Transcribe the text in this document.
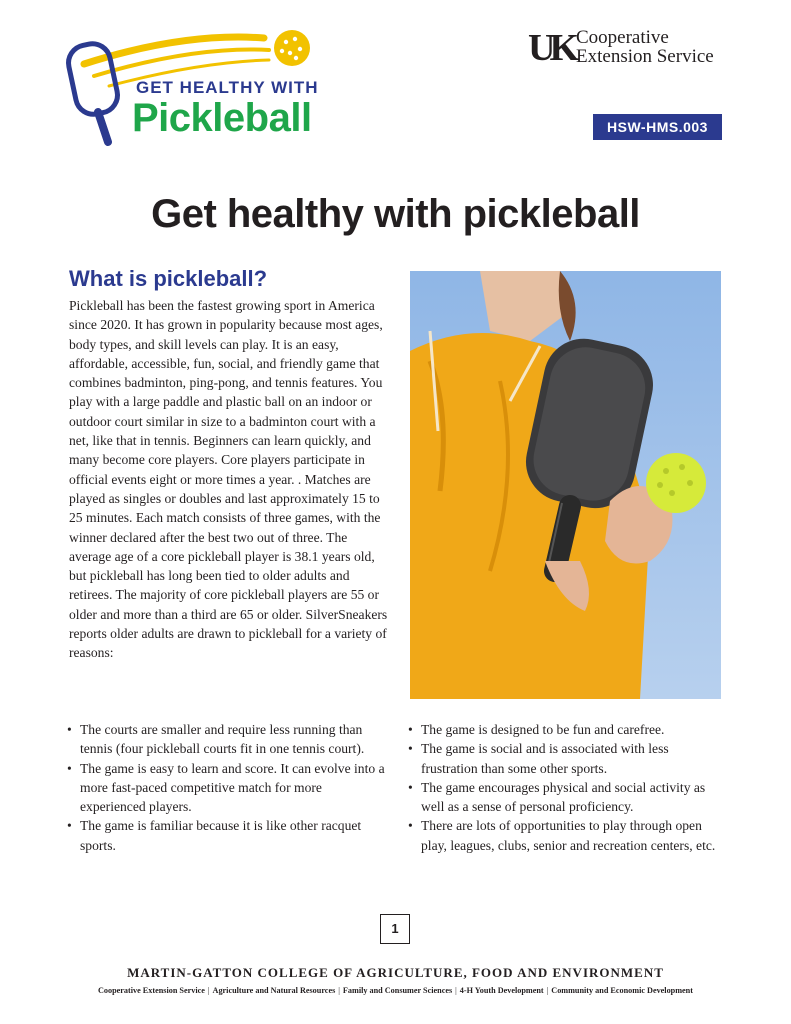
GET HEALTHY WITH
Pickleball
UK Cooperative
Extension Service
HSW-HMS.003
Get healthy with pickleball
What is pickleball?

Pickleball has been the fastest growing sport in America since 2020. It has grown in popularity because most ages, body types, and skill levels can play. It is an easy, affordable, accessible, fun, social, and friendly game that combines badminton, ping-pong, and tennis features. You play with a large paddle and plastic ball on an indoor or outdoor court similar in size to a badminton court with a net, like that in tennis. Beginners can learn quickly, and many become core players. Core players participate in official events eight or more times a year. . Matches are played as singles or doubles and last approximately 15 to 25 minutes. Each match consists of three games, with the winner declared after the best two out of three. The average age of a core pickleball player is 38.1 years old, but pickleball has long been tied to older adults and retirees. The majority of core pickleball players are 55 or older and more than a third are 65 or older. SilverSneakers reports older adults are drawn to pickleball for a variety of reasons:

• The courts are smaller and require less running than tennis (four pickleball courts fit in one tennis court).
• The game is easy to learn and score. It can evolve into a more fast-paced competitive match for more experienced players.
• The game is familiar because it is like other racquet sports.
• The game is designed to be fun and carefree.
• The game is social and is associated with less frustration than some other sports.
• The game encourages physical and social activity as well as a sense of personal proficiency.
• There are lots of opportunities to play through open play, leagues, clubs, senior and recreation centers, etc.
1
MARTIN-GATTON COLLEGE OF AGRICULTURE, FOOD AND ENVIRONMENT
Cooperative Extension Service | Agriculture and Natural Resources | Family and Consumer Sciences | 4-H Youth Development | Community and Economic Development
